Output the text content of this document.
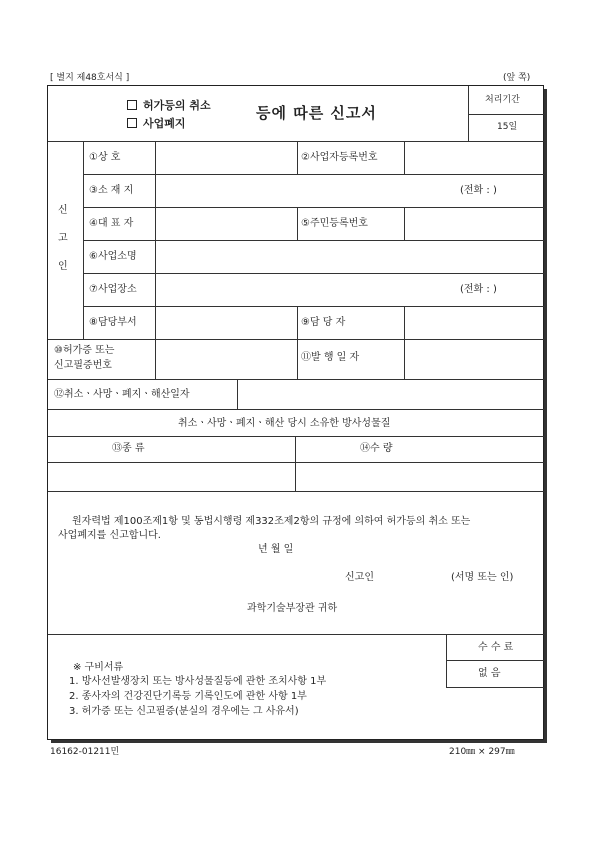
[ 별지 제48호서식 ]	(앞 쪽)
허가등의 취소
사업폐지
등에 따른 신고서
처리기간
15일
신
고
인
①상 호	②사업자등록번호
③소 재 지	(전화 : )
④대 표 자	⑤주민등록번호
⑥사업소명
⑦사업장소	(전화 : )
⑧담당부서	⑨담 당 자
⑩허가증 또는
신고필증번호
⑪발 행 일 자
⑫취소ㆍ사망ㆍ폐지ㆍ해산일자
취소ㆍ사망ㆍ폐지ㆍ해산 당시 소유한 방사성물질
⑬종 류	⑭수 량
원자력법 제100조제1항 및 동법시행령 제332조제2항의 규정에 의하여 허가등의 취소 또는
사업폐지를 신고합니다.
년 월 일
신고인	(서명 또는 인)
과학기술부장관 귀하
수 수 료
없 음
※ 구비서류
1. 방사선발생장치 또는 방사성물질등에 관한 조치사항 1부
2. 종사자의 건강진단기록등 기록인도에 관한 사항 1부
3. 허가증 또는 신고필증(분실의 경우에는 그 사유서)
16162-01211민	210㎜ × 297㎜
